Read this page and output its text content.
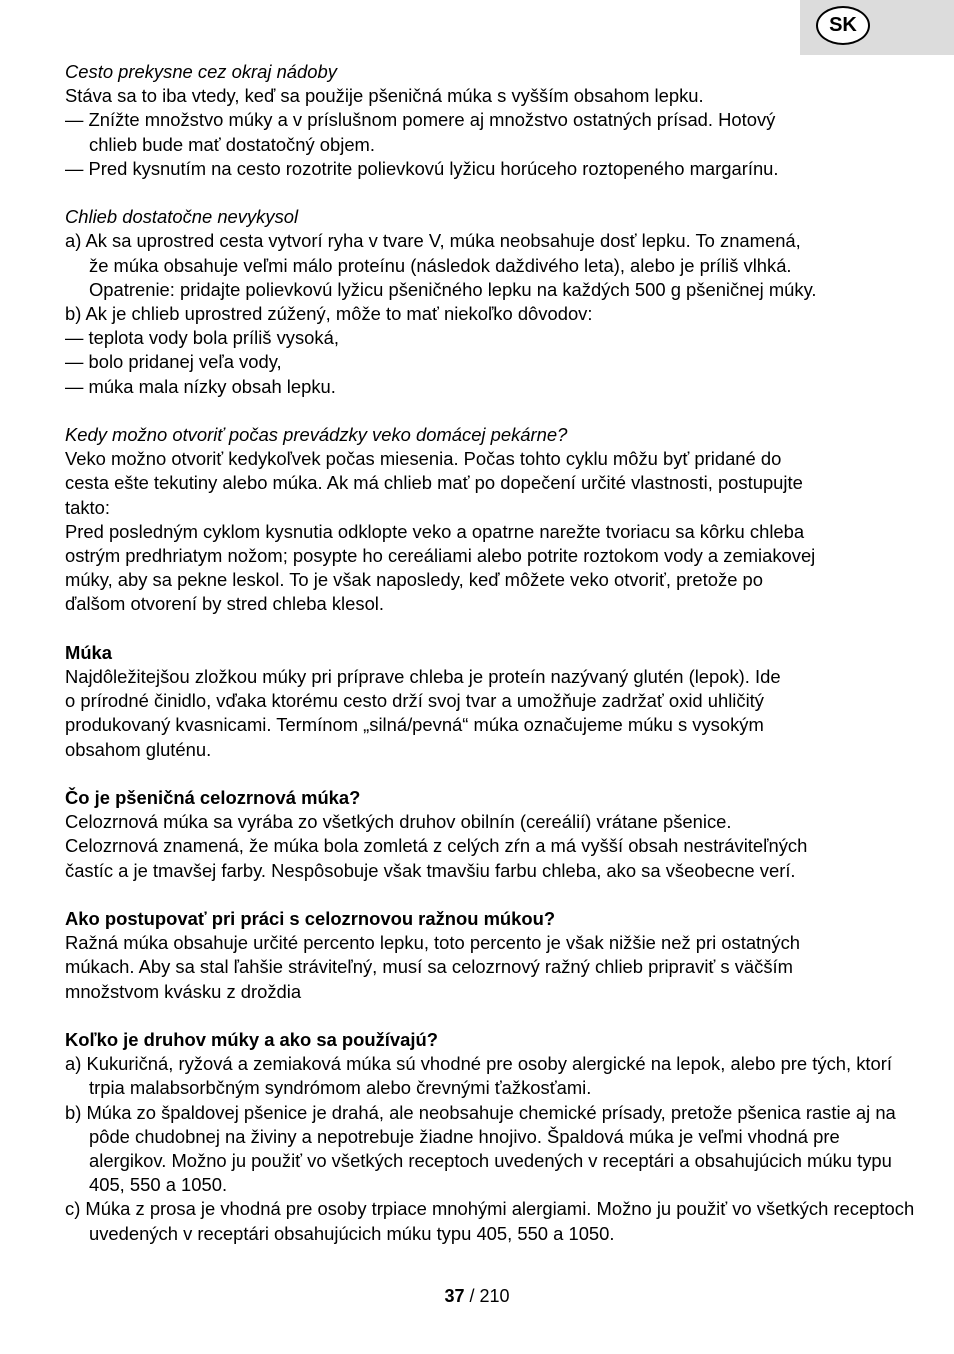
SK

Cesto prekysne cez okraj nádoby

Stáva sa to iba vtedy, keď sa použije pšeničná múka s vyšším obsahom lepku.

— Znížte množstvo múky a v príslušnom pomere aj množstvo ostatných prísad. Hotový

chlieb bude mať dostatočný objem.

— Pred kysnutím na cesto rozotrite polievkovú lyžicu horúceho roztopeného margarínu.

Chlieb dostatočne nevykysol

a) Ak sa uprostred cesta vytvorí ryha v tvare V, múka neobsahuje dosť lepku. To znamená,

že múka obsahuje veľmi málo proteínu (následok daždivého leta), alebo je príliš vlhká.

Opatrenie: pridajte polievkovú lyžicu pšeničného lepku na každých 500 g pšeničnej múky.

b) Ak je chlieb uprostred zúžený, môže to mať niekoľko dôvodov:

— teplota vody bola príliš vysoká,

— bolo pridanej veľa vody,

— múka mala nízky obsah lepku.

Kedy možno otvoriť počas prevádzky veko domácej pekárne?

Veko možno otvoriť kedykoľvek počas miesenia. Počas tohto cyklu môžu byť pridané do

cesta ešte tekutiny alebo múka. Ak má chlieb mať po dopečení určité vlastnosti, postupujte

takto:

Pred posledným cyklom kysnutia odklopte veko a opatrne narežte tvoriacu sa kôrku chleba

ostrým predhriatym nožom; posypte ho cereáliami alebo potrite roztokom vody a zemiakovej

múky, aby sa pekne leskol. To je však naposledy, keď môžete veko otvoriť, pretože po

ďalšom otvorení by stred chleba klesol.

Múka

Najdôležitejšou zložkou múky pri príprave chleba je proteín nazývaný glutén (lepok). Ide

o prírodné činidlo, vďaka ktorému cesto drží svoj tvar a umožňuje zadržať oxid uhličitý

produkovaný kvasnicami. Termínom „silná/pevná“ múka označujeme múku s vysokým

obsahom gluténu.

Čo je pšeničná celozrnová múka?

Celozrnová múka sa vyrába zo všetkých druhov obilnín (cereálií) vrátane pšenice.

Celozrnová znamená, že múka bola zomletá z celých zŕn a má vyšší obsah nestráviteľných

častíc a je tmavšej farby. Nespôsobuje však tmavšiu farbu chleba, ako sa všeobecne verí.

Ako postupovať pri práci s celozrnovou ražnou múkou?

Ražná múka obsahuje určité percento lepku, toto percento je však nižšie než pri ostatných

múkach. Aby sa stal ľahšie stráviteľný, musí sa celozrnový ražný chlieb pripraviť s väčším

množstvom kvásku z droždia

Koľko je druhov múky a ako sa používajú?

a) Kukuričná, ryžová a zemiaková múka sú vhodné pre osoby alergické na lepok, alebo pre tých, ktorí trpia malabsorbčným syndrómom alebo črevnými ťažkosťami.

b) Múka zo špaldovej pšenice je drahá, ale neobsahuje chemické prísady, pretože pšenica rastie aj na pôde chudobnej na živiny a nepotrebuje žiadne hnojivo. Špaldová múka je veľmi vhodná pre alergikov. Možno ju použiť vo všetkých receptoch uvedených v receptári a obsahujúcich múku typu 405, 550 a 1050.

c) Múka z prosa je vhodná pre osoby trpiace mnohými alergiami. Možno ju použiť vo všetkých receptoch uvedených v receptári obsahujúcich múku typu 405, 550 a 1050.

37 / 210
